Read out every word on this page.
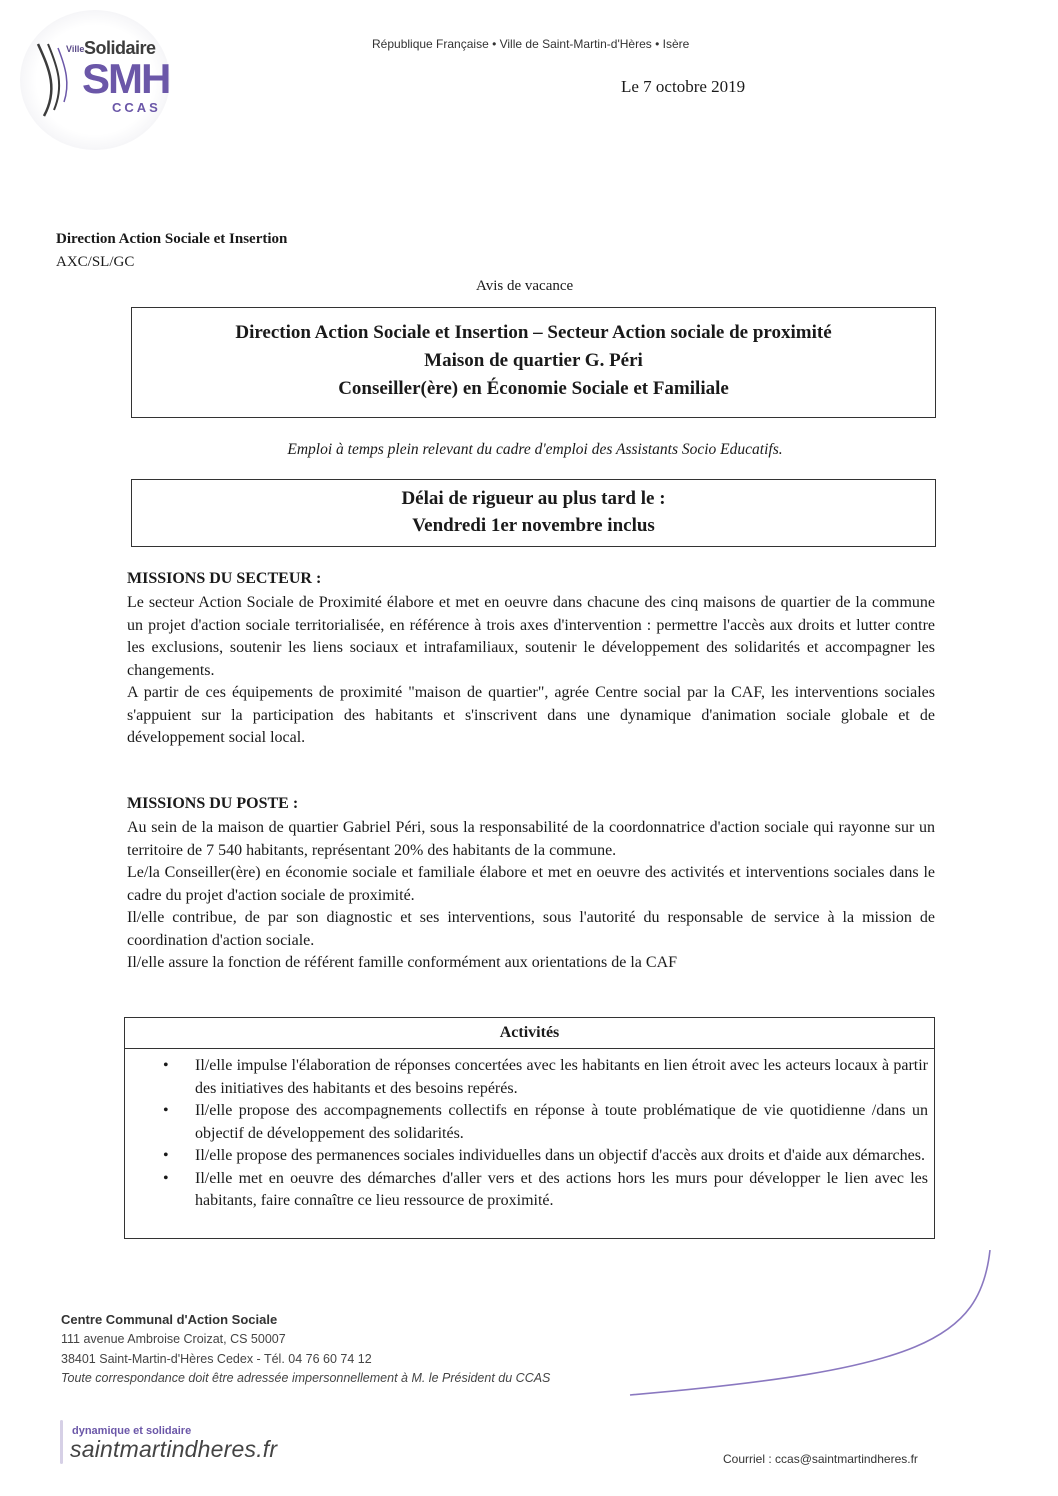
Ville Solidaire
SMH
CCAS
République Française • Ville de Saint-Martin-d'Hères • Isère
Le 7 octobre 2019
Direction Action Sociale et Insertion
AXC/SL/GC
Avis de vacance
Direction Action Sociale et Insertion – Secteur Action sociale de proximité
Maison de quartier G. Péri
Conseiller(ère) en Économie Sociale et Familiale
Emploi à temps plein relevant du cadre d'emploi des Assistants Socio Educatifs.
Délai de rigueur au plus tard le :
Vendredi 1er novembre inclus
MISSIONS DU SECTEUR :

Le secteur Action Sociale de Proximité élabore et met en oeuvre dans chacune des cinq maisons de quartier de la commune un projet d'action sociale territorialisée, en référence à trois axes d'intervention : permettre l'accès aux droits et lutter contre les exclusions, soutenir les liens sociaux et intrafamiliaux, soutenir le développement des solidarités et accompagner les changements.

A partir de ces équipements de proximité "maison de quartier", agrée Centre social par la CAF, les interventions sociales s'appuient sur la participation des habitants et s'inscrivent dans une dynamique d'animation sociale globale et de développement social local.

MISSIONS DU POSTE :

Au sein de la maison de quartier Gabriel Péri, sous la responsabilité de la coordonnatrice d'action sociale qui rayonne sur un territoire de 7 540 habitants, représentant 20% des habitants de la commune.

Le/la Conseiller(ère) en économie sociale et familiale élabore et met en oeuvre des activités et interventions sociales dans le cadre du projet d'action sociale de proximité.

Il/elle contribue, de par son diagnostic et ses interventions, sous l'autorité du responsable de service à la mission de coordination d'action sociale.

Il/elle assure la fonction de référent famille conformément aux orientations de la CAF

Activités
• Il/elle impulse l'élaboration de réponses concertées avec les habitants en lien étroit avec les acteurs locaux à partir des initiatives des habitants et des besoins repérés.
• Il/elle propose des accompagnements collectifs en réponse à toute problématique de vie quotidienne /dans un objectif de développement des solidarités.
• Il/elle propose des permanences sociales individuelles dans un objectif d'accès aux droits et d'aide aux démarches.
• Il/elle met en oeuvre des démarches d'aller vers et des actions hors les murs pour développer le lien avec les habitants, faire connaître ce lieu ressource de proximité.
Centre Communal d'Action Sociale
111 avenue Ambroise Croizat, CS 50007
38401 Saint-Martin-d'Hères Cedex - Tél. 04 76 60 74 12
Toute correspondance doit être adressée impersonnellement à M. le Président du CCAS
dynamique et solidaire
saintmartindheres.fr	Courriel : ccas@saintmartindheres.fr
